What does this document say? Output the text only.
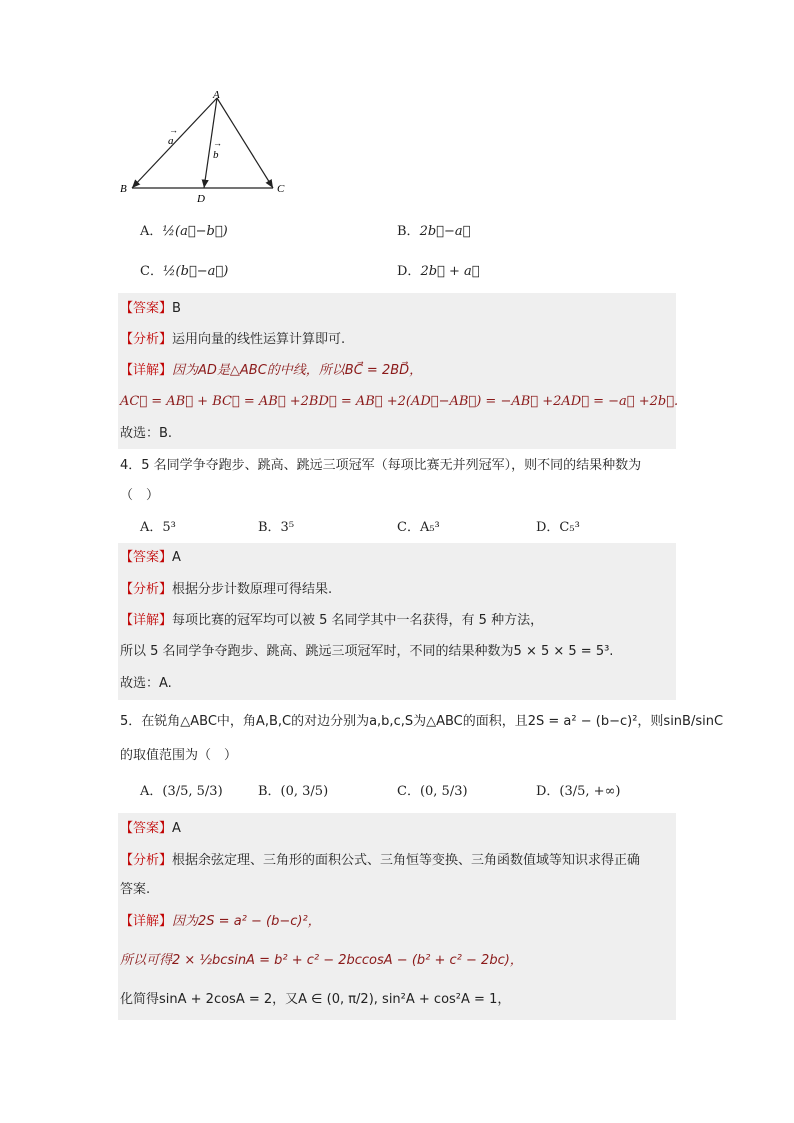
A
B	C
D
a
→
b
→
A．½(a⃗−b⃗)	B．2b⃗−a⃗
C．½(b⃗−a⃗)	D．2b⃗ + a⃗
【答案】B
【分析】运用向量的线性运算计算即可.
【详解】因为AD是△ABC的中线，所以BC⃗ = 2BD⃗，
AC⃗ = AB⃗ + BC⃗ = AB⃗ +2BD⃗ = AB⃗ +2(AD⃗−AB⃗) = −AB⃗ +2AD⃗ = −a⃗ +2b⃗.
故选：B.
4．5 名同学争夺跑步、跳高、跳远三项冠军（每项比赛无并列冠军），则不同的结果种数为
（　）
A．5³	B．3⁵	C．A₅³	D．C₅³
【答案】A
【分析】根据分步计数原理可得结果.
【详解】每项比赛的冠军均可以被 5 名同学其中一名获得，有 5 种方法，
所以 5 名同学争夺跑步、跳高、跳远三项冠军时，不同的结果种数为5 × 5 × 5 = 5³.
故选：A.
5．在锐角△ABC中，角A,B,C的对边分别为a,b,c,S为△ABC的面积，且2S = a² − (b−c)²，则sinB/sinC
的取值范围为（　）
A．(3/5, 5/3)	B．(0, 3/5)	C．(0, 5/3)	D．(3/5, +∞)
【答案】A
【分析】根据余弦定理、三角形的面积公式、三角恒等变换、三角函数值域等知识求得正确
答案.
【详解】因为2S = a² − (b−c)²，
所以可得2 × ½bcsinA = b² + c² − 2bccosA − (b² + c² − 2bc)，
化简得sinA + 2cosA = 2，又A ∈ (0, π/2), sin²A + cos²A = 1，
